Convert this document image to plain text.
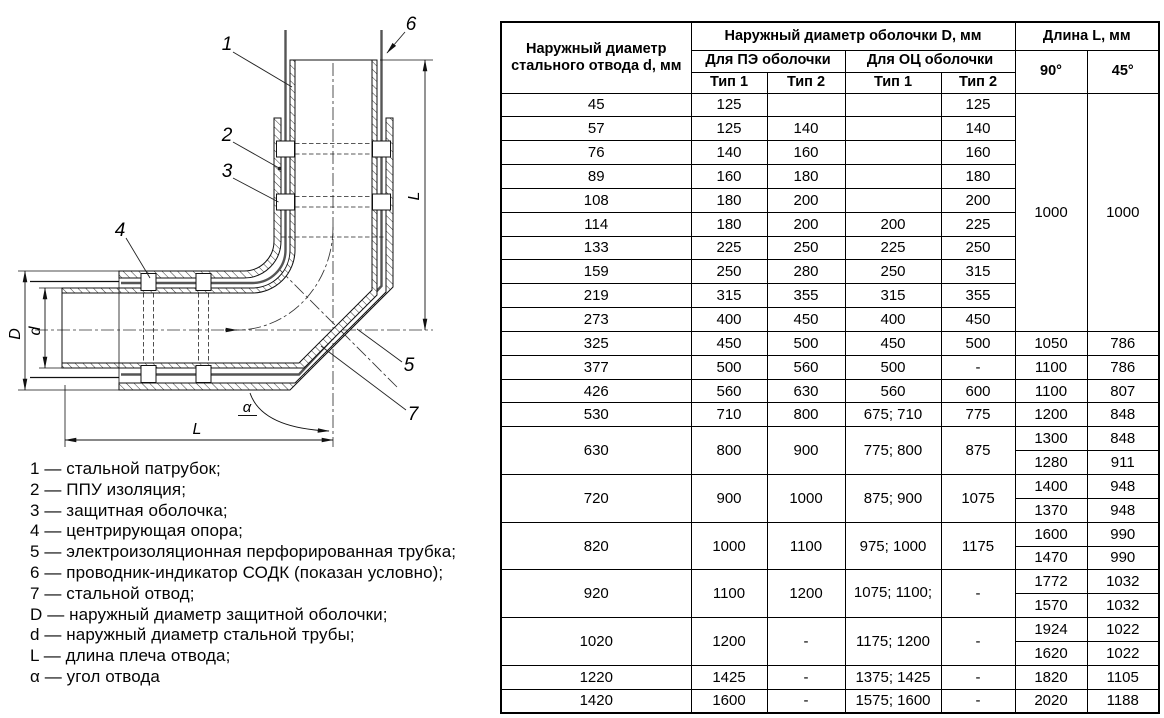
1
2
3
4
5
6
7
D d
L
L
α
1 — стальной патрубок;
2 — ППУ изоляция;
3 — защитная оболочка;
4 — центрирующая опора;
5 — электроизоляционная перфорированная трубка;
6 — проводник-индикатор СОДК (показан условно);
7 — стальной отвод;
D — наружный диаметр защитной оболочки;
d — наружный диаметр стальной трубы;
L — длина плеча отвода;
α — угол отвода
Наружный диаметр стального отвода d, мм	Наружный диаметр оболочки D, мм				Длина L, мм	
	Для ПЭ оболочки		Для ОЦ оболочки		90°	45°
	Тип 1	Тип 2	Тип 1	Тип 2		
45	125			125	1000	1000
57	125	140		140		
76	140	160		160		
89	160	180		180		
108	180	200		200		
114	180	200	200	225		
133	225	250	225	250		
159	250	280	250	315		
219	315	355	315	355		
273	400	450	400	450		
325	450	500	450	500	1050	786
377	500	560	500	-	1100	786
426	560	630	560	600	1100	807
530	710	800	675; 710	775	1200	848
630	800	900	775; 800	875	1300	848
					1280	911
720	900	1000	875; 900	1075	1400	948
					1370	948
820	1000	1100	975; 1000	1175	1600	990
					1470	990
920	1100	1200	1075; 1100;	-	1772	1032
					1570	1032
1020	1200	-	1175; 1200	-	1924	1022
					1620	1022
1220	1425	-	1375; 1425	-	1820	1105
1420	1600	-	1575; 1600	-	2020	1188
